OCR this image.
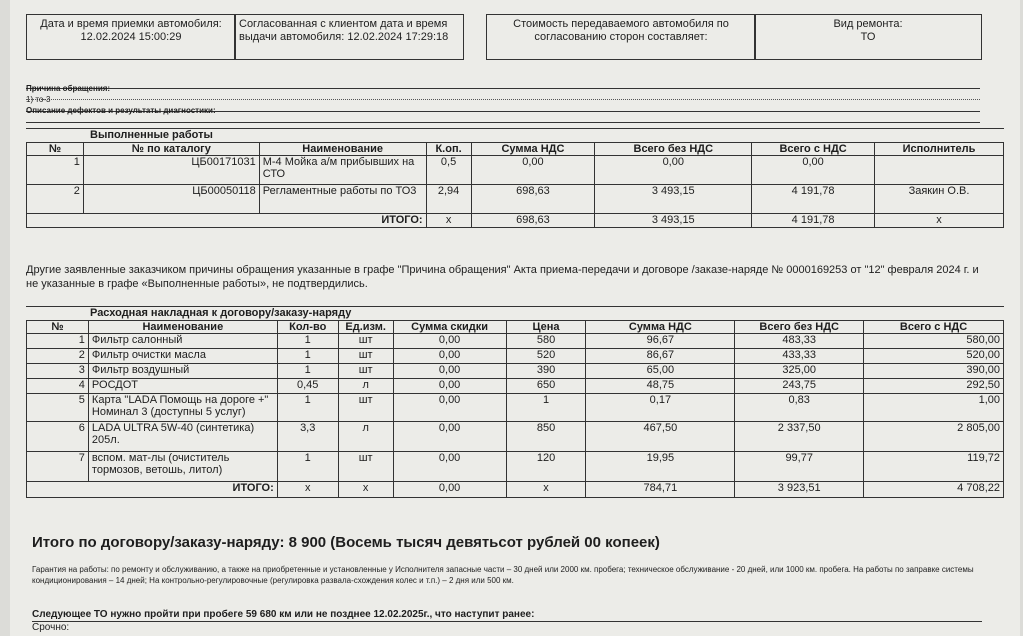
Дата и время приемки автомобиля:
12.02.2024 15:00:29
Согласованная с клиентом дата и время
выдачи автомобиля: 12.02.2024 17:29:18
Стоимость передаваемого автомобиля по
согласованию сторон составляет:
Вид ремонта:
ТО
Причина обращения:
1) то-3
Описание дефектов и результаты диагностики:
Выполненные работы
№	№ по каталогу	Наименование	К.оп.	Сумма НДС	Всего без НДС	Всего с НДС	Исполнитель
1	ЦБ00171031	М-4 Мойка а/м прибывших на СТО	0,5	0,00	0,00	0,00	
2	ЦБ00050118	Регламентные работы по ТО3	2,94	698,63	3 493,15	4 191,78	Заякин О.В.
ИТОГО:			x	698,63	3 493,15	4 191,78	x
Другие заявленные заказчиком причины обращения указанные в графе "Причина обращения" Акта приема-передачи и договоре /заказе-наряде № 0000169253 от "12" февраля 2024 г. и не указанные в графе «Выполненные работы», не подтвердились.
Расходная накладная к договору/заказу-наряду
№	Наименование	Кол-во	Ед.изм.	Сумма скидки	Цена	Сумма НДС	Всего без НДС	Всего с НДС
1	Фильтр салонный	1	шт	0,00	580	96,67	483,33	580,00
2	Фильтр очистки масла	1	шт	0,00	520	86,67	433,33	520,00
3	Фильтр воздушный	1	шт	0,00	390	65,00	325,00	390,00
4	РОСДОТ	0,45	л	0,00	650	48,75	243,75	292,50
5	Карта "LADA Помощь на дороге +" Номинал 3 (доступны 5 услуг)	1	шт	0,00	1	0,17	0,83	1,00
6	LADA ULTRA 5W-40 (синтетика) 205л.	3,3	л	0,00	850	467,50	2 337,50	2 805,00
7	вспом. мат-лы (очиститель тормозов, ветошь, литол)	1	шт	0,00	120	19,95	99,77	119,72
ИТОГО:		x	x	0,00	x	784,71	3 923,51	4 708,22
Итого по договору/заказу-наряду: 8 900 (Восемь тысяч девятьсот рублей 00 копеек)
Гарантия на работы: по ремонту и обслуживанию, а также на приобретенные и установленные у Исполнителя запасные части – 30 дней или 2000 км. пробега; техническое обслуживание - 20 дней, или 1000 км. пробега. На работы по заправке системы кондиционирования – 14 дней; На контрольно-регулировочные (регулировка развала-схождения колес и т.п.) – 2 дня или 500 км.
Следующее ТО нужно пройти при пробеге 59 680 км или не позднее 12.02.2025г., что наступит ранее:
Срочно:
